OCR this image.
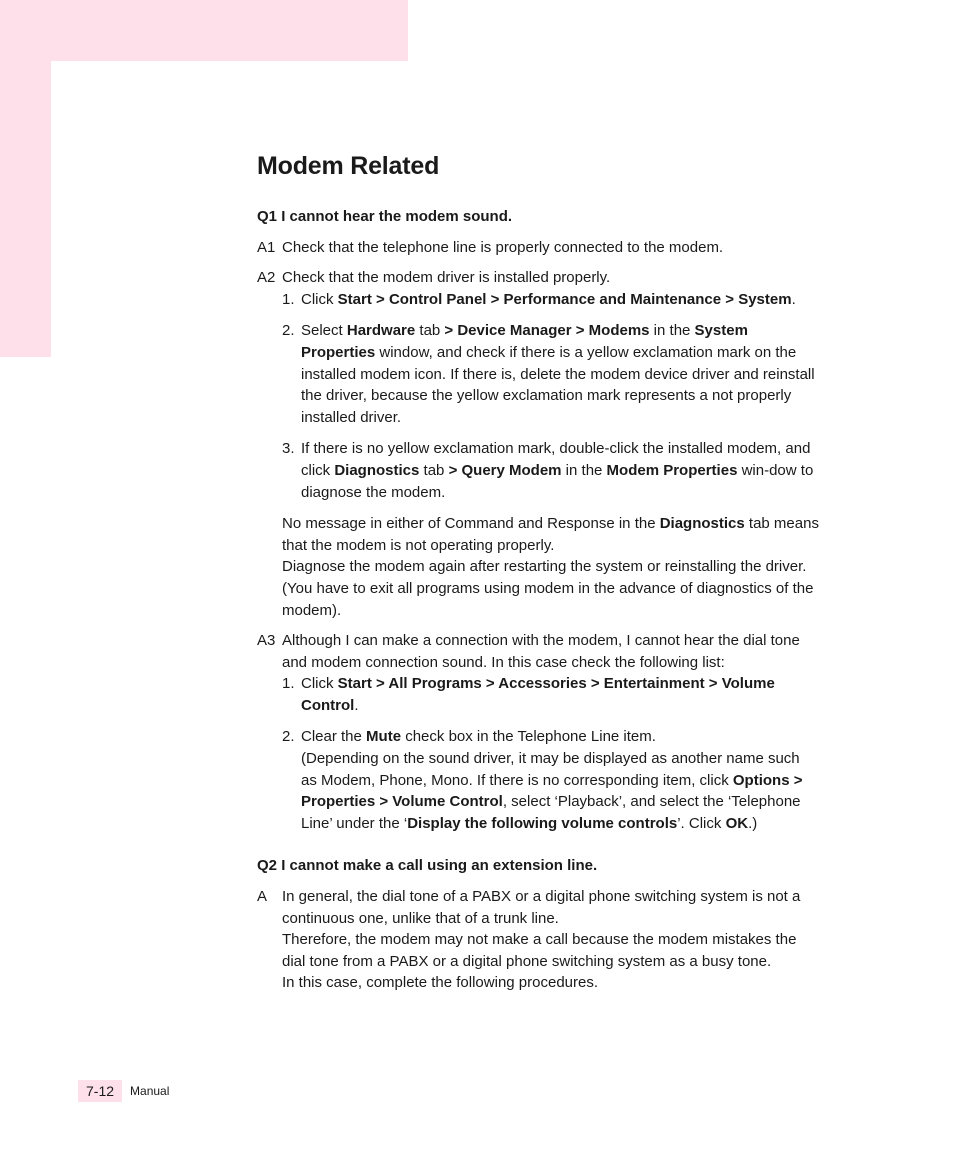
Modem Related
Q1 I cannot hear the modem sound.
A1 Check that the telephone line is properly connected to the modem.
A2 Check that the modem driver is installed properly.
1. Click Start > Control Panel > Performance and Maintenance > System.
2. Select Hardware tab > Device Manager > Modems in the System Properties window, and check if there is a yellow exclamation mark on the installed modem icon. If there is, delete the modem device driver and reinstall the driver, because the yellow exclamation mark represents a not properly installed driver.
3. If there is no yellow exclamation mark, double-click the installed modem, and click Diagnostics tab > Query Modem in the Modem Properties win-dow to diagnose the modem.
No message in either of Command and Response in the Diagnostics tab means that the modem is not operating properly.
Diagnose the modem again after restarting the system or reinstalling the driver. (You have to exit all programs using modem in the advance of diagnostics of the modem).
A3 Although I can make a connection with the modem, I cannot hear the dial tone and modem connection sound. In this case check the following list:
1. Click Start > All Programs > Accessories > Entertainment > Volume Control.
2. Clear the Mute check box in the Telephone Line item.
(Depending on the sound driver, it may be displayed as another name such as Modem, Phone, Mono. If there is no corresponding item, click Options > Properties > Volume Control, select ‘Playback’, and select the ‘Telephone Line’ under the ‘Display the following volume controls’. Click OK.)
Q2 I cannot make a call using an extension line.
A In general, the dial tone of a PABX or a digital phone switching system is not a continuous one, unlike that of a trunk line.
Therefore, the modem may not make a call because the modem mistakes the dial tone from a PABX or a digital phone switching system as a busy tone.
In this case, complete the following procedures.
7-12	Manual
